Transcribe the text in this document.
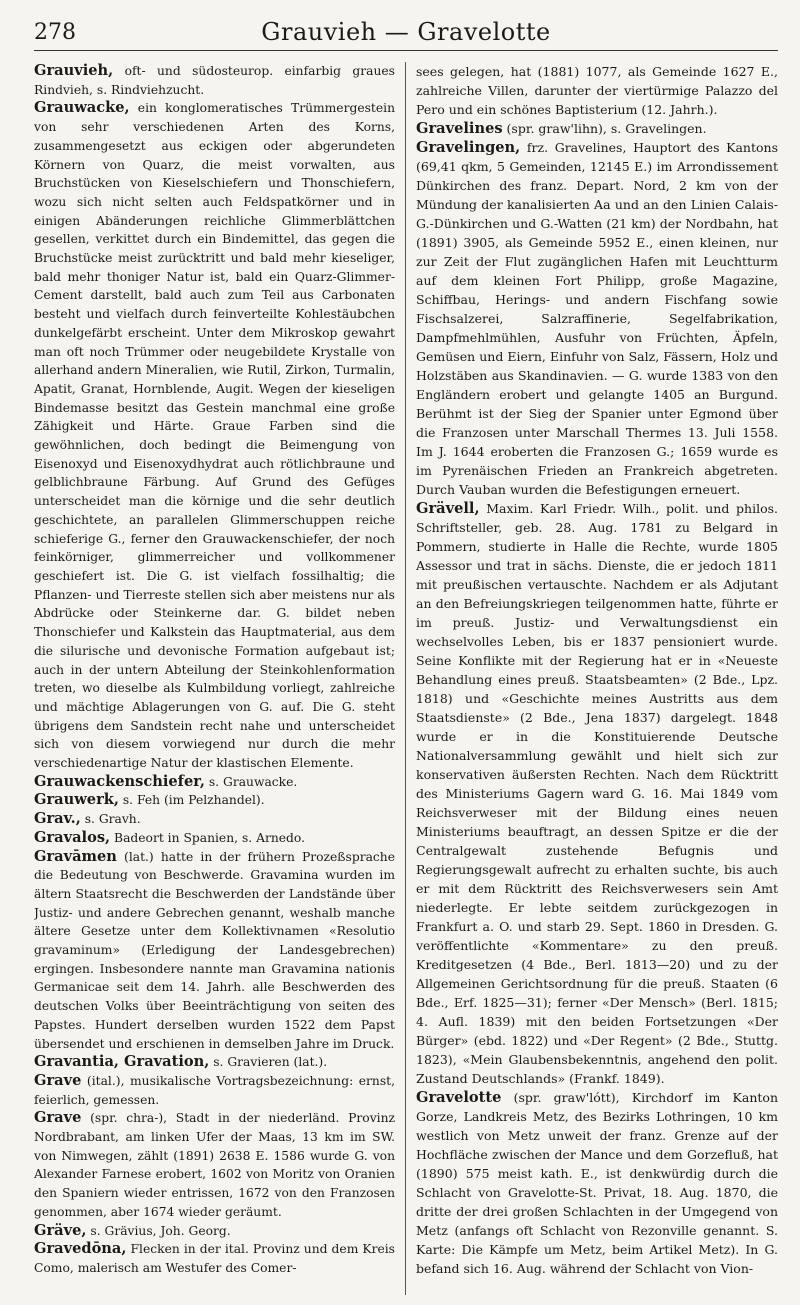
278	Grauvieh — Gravelotte

Grauvieh, oft- und südosteurop. einfarbig graues Rindvieh, s. Rindviehzucht.

Grauwacke, ein konglomeratisches Trümmergestein von sehr verschiedenen Arten des Korns, zusammengesetzt aus eckigen oder abgerundeten Körnern von Quarz, die meist vorwalten, aus Bruchstücken von Kieselschiefern und Thonschiefern, wozu sich nicht selten auch Feldspatkörner und in einigen Abänderungen reichliche Glimmerblättchen gesellen, verkittet durch ein Bindemittel, das gegen die Bruchstücke meist zurücktritt und bald mehr kieseliger, bald mehr thoniger Natur ist, bald ein Quarz-Glimmer-Cement darstellt, bald auch zum Teil aus Carbonaten besteht und vielfach durch feinverteilte Kohlestäubchen dunkelgefärbt erscheint. Unter dem Mikroskop gewahrt man oft noch Trümmer oder neugebildete Krystalle von allerhand andern Mineralien, wie Rutil, Zirkon, Turmalin, Apatit, Granat, Hornblende, Augit. Wegen der kieseligen Bindemasse besitzt das Gestein manchmal eine große Zähigkeit und Härte. Graue Farben sind die gewöhnlichen, doch bedingt die Beimengung von Eisenoxyd und Eisenoxydhydrat auch rötlichbraune und gelblichbraune Färbung. Auf Grund des Gefüges unterscheidet man die körnige und die sehr deutlich geschichtete, an parallelen Glimmerschuppen reiche schieferige G., ferner den Grauwackenschiefer, der noch feinkörniger, glimmerreicher und vollkommener geschiefert ist. Die G. ist vielfach fossilhaltig; die Pflanzen- und Tierreste stellen sich aber meistens nur als Abdrücke oder Steinkerne dar. G. bildet neben Thonschiefer und Kalkstein das Hauptmaterial, aus dem die silurische und devonische Formation aufgebaut ist; auch in der untern Abteilung der Steinkohlenformation treten, wo dieselbe als Kulmbildung vorliegt, zahlreiche und mächtige Ablagerungen von G. auf. Die G. steht übrigens dem Sandstein recht nahe und unterscheidet sich von diesem vorwiegend nur durch die mehr verschiedenartige Natur der klastischen Elemente.

Grauwackenschiefer, s. Grauwacke.

Grauwerk, s. Feh (im Pelzhandel).

Grav., s. Gravh.

Gravalos, Badeort in Spanien, s. Arnedo.

Gravāmen (lat.) hatte in der frühern Prozeßsprache die Bedeutung von Beschwerde. Gravamina wurden im ältern Staatsrecht die Beschwerden der Landstände über Justiz- und andere Gebrechen genannt, weshalb manche ältere Gesetze unter dem Kollektivnamen «Resolutio gravaminum» (Erledigung der Landesgebrechen) ergingen. Insbesondere nannte man Gravamina nationis Germanicae seit dem 14. Jahrh. alle Beschwerden des deutschen Volks über Beeinträchtigung von seiten des Papstes. Hundert derselben wurden 1522 dem Papst übersendet und erschienen in demselben Jahre im Druck.

Gravantia, Gravation, s. Gravieren (lat.).

Grave (ital.), musikalische Vortragsbezeichnung: ernst, feierlich, gemessen.

Grave (spr. chra-), Stadt in der niederländ. Provinz Nordbrabant, am linken Ufer der Maas, 13 km im SW. von Nimwegen, zählt (1891) 2638 E. 1586 wurde G. von Alexander Farnese erobert, 1602 von Moritz von Oranien den Spaniern wieder entrissen, 1672 von den Franzosen genommen, aber 1674 wieder geräumt.

Gräve, s. Grävius, Joh. Georg.

Gravedōna, Flecken in der ital. Provinz und dem Kreis Como, malerisch am Westufer des Comer-

sees gelegen, hat (1881) 1077, als Gemeinde 1627 E., zahlreiche Villen, darunter der viertürmige Palazzo del Pero und ein schönes Baptisterium (12. Jahrh.).

Gravelines (spr. graw'lihn), s. Gravelingen.

Gravelingen, frz. Gravelines, Hauptort des Kantons (69,41 qkm, 5 Gemeinden, 12145 E.) im Arrondissement Dünkirchen des franz. Depart. Nord, 2 km von der Mündung der kanalisierten Aa und an den Linien Calais-G.-Dünkirchen und G.-Watten (21 km) der Nordbahn, hat (1891) 3905, als Gemeinde 5952 E., einen kleinen, nur zur Zeit der Flut zugänglichen Hafen mit Leuchtturm auf dem kleinen Fort Philipp, große Magazine, Schiffbau, Herings- und andern Fischfang sowie Fischsalzerei, Salzraffinerie, Segelfabrikation, Dampfmehlmühlen, Ausfuhr von Früchten, Äpfeln, Gemüsen und Eiern, Einfuhr von Salz, Fässern, Holz und Holzstäben aus Skandinavien. — G. wurde 1383 von den Engländern erobert und gelangte 1405 an Burgund. Berühmt ist der Sieg der Spanier unter Egmond über die Franzosen unter Marschall Thermes 13. Juli 1558. Im J. 1644 eroberten die Franzosen G.; 1659 wurde es im Pyrenäischen Frieden an Frankreich abgetreten. Durch Vauban wurden die Befestigungen erneuert.

Grävell, Maxim. Karl Friedr. Wilh., polit. und philos. Schriftsteller, geb. 28. Aug. 1781 zu Belgard in Pommern, studierte in Halle die Rechte, wurde 1805 Assessor und trat in sächs. Dienste, die er jedoch 1811 mit preußischen vertauschte. Nachdem er als Adjutant an den Befreiungskriegen teilgenommen hatte, führte er im preuß. Justiz- und Verwaltungsdienst ein wechselvolles Leben, bis er 1837 pensioniert wurde. Seine Konflikte mit der Regierung hat er in «Neueste Behandlung eines preuß. Staatsbeamten» (2 Bde., Lpz. 1818) und «Geschichte meines Austritts aus dem Staatsdienste» (2 Bde., Jena 1837) dargelegt. 1848 wurde er in die Konstituierende Deutsche Nationalversammlung gewählt und hielt sich zur konservativen äußersten Rechten. Nach dem Rücktritt des Ministeriums Gagern ward G. 16. Mai 1849 vom Reichsverweser mit der Bildung eines neuen Ministeriums beauftragt, an dessen Spitze er die der Centralgewalt zustehende Befugnis und Regierungsgewalt aufrecht zu erhalten suchte, bis auch er mit dem Rücktritt des Reichsverwesers sein Amt niederlegte. Er lebte seitdem zurückgezogen in Frankfurt a. O. und starb 29. Sept. 1860 in Dresden. G. veröffentlichte «Kommentare» zu den preuß. Kreditgesetzen (4 Bde., Berl. 1813—20) und zu der Allgemeinen Gerichtsordnung für die preuß. Staaten (6 Bde., Erf. 1825—31); ferner «Der Mensch» (Berl. 1815; 4. Aufl. 1839) mit den beiden Fortsetzungen «Der Bürger» (ebd. 1822) und «Der Regent» (2 Bde., Stuttg. 1823), «Mein Glaubensbekenntnis, angehend den polit. Zustand Deutschlands» (Frankf. 1849).

Gravelotte (spr. graw'lótt), Kirchdorf im Kanton Gorze, Landkreis Metz, des Bezirks Lothringen, 10 km westlich von Metz unweit der franz. Grenze auf der Hochfläche zwischen der Mance und dem Gorzefluß, hat (1890) 575 meist kath. E., ist denkwürdig durch die Schlacht von Gravelotte-St. Privat, 18. Aug. 1870, die dritte der drei großen Schlachten in der Umgegend von Metz (anfangs oft Schlacht von Rezonville genannt. S. Karte: Die Kämpfe um Metz, beim Artikel Metz). In G. befand sich 16. Aug. während der Schlacht von Vion-
